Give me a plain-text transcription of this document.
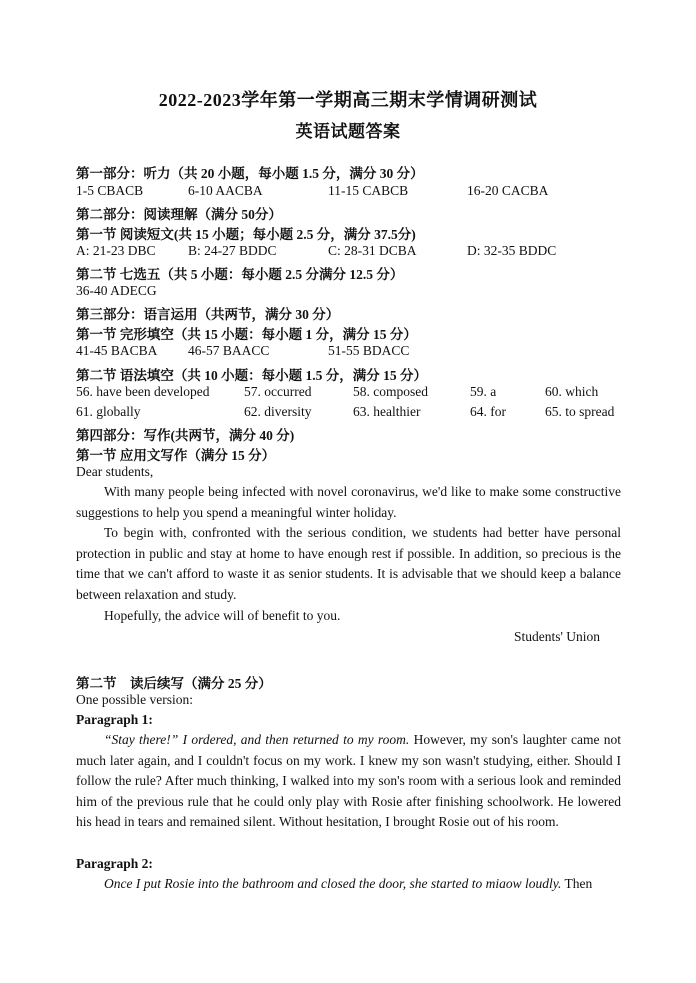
2022-2023学年第一学期高三期末学情调研测试
英语试题答案
第一部分：听力（共 20 小题，每小题 1.5 分，满分 30 分）
1-5 CBACB	6-10 AACBA	11-15 CABCB	16-20 CACBA
第二部分：阅读理解（满分 50分）
第一节 阅读短文(共 15 小题；每小题 2.5 分，满分 37.5分)
A: 21-23 DBC B: 24-27 BDDC	C: 28-31 DCBA	D: 32-35 BDDC
第二节 七选五（共 5 小题：每小题 2.5 分满分 12.5 分）
36-40 ADECG
第三部分：语言运用（共两节，满分 30 分）
第一节 完形填空（共 15 小题：每小题 1 分，满分 15 分）
41-45 BACBA 46-57 BAACC	51-55 BDACC
第二节 语法填空（共 10 小题：每小题 1.5 分，满分 15 分）
56. have been developed	57. occurred	58. composed	59. a	60. which
61. globally	62. diversity	63. healthier	64. for	65. to spread
第四部分：写作(共两节，满分 40 分)
第一节 应用文写作（满分 15 分）
Dear students,
With many people being infected with novel coronavirus, we'd like to make some constructive suggestions to help you spend a meaningful winter holiday.
To begin with, confronted with the serious condition, we students had better have personal protection in public and stay at home to have enough rest if possible. In addition, so precious is the time that we can't afford to waste it as senior students. It is advisable that we should keep a balance between relaxation and study.
Hopefully, the advice will of benefit to you.
Students' Union
第二节　读后续写（满分 25 分）
One possible version:
Paragraph 1:
“Stay there!” I ordered, and then returned to my room. However, my son's laughter came not much later again, and I couldn't focus on my work. I knew my son wasn't studying, either. Should I follow the rule? After much thinking, I walked into my son's room with a serious look and reminded him of the previous rule that he could only play with Rosie after finishing schoolwork. He lowered his head in tears and remained silent. Without hesitation, I brought Rosie out of his room.
Paragraph 2:
Once I put Rosie into the bathroom and closed the door, she started to miaow loudly. Then
